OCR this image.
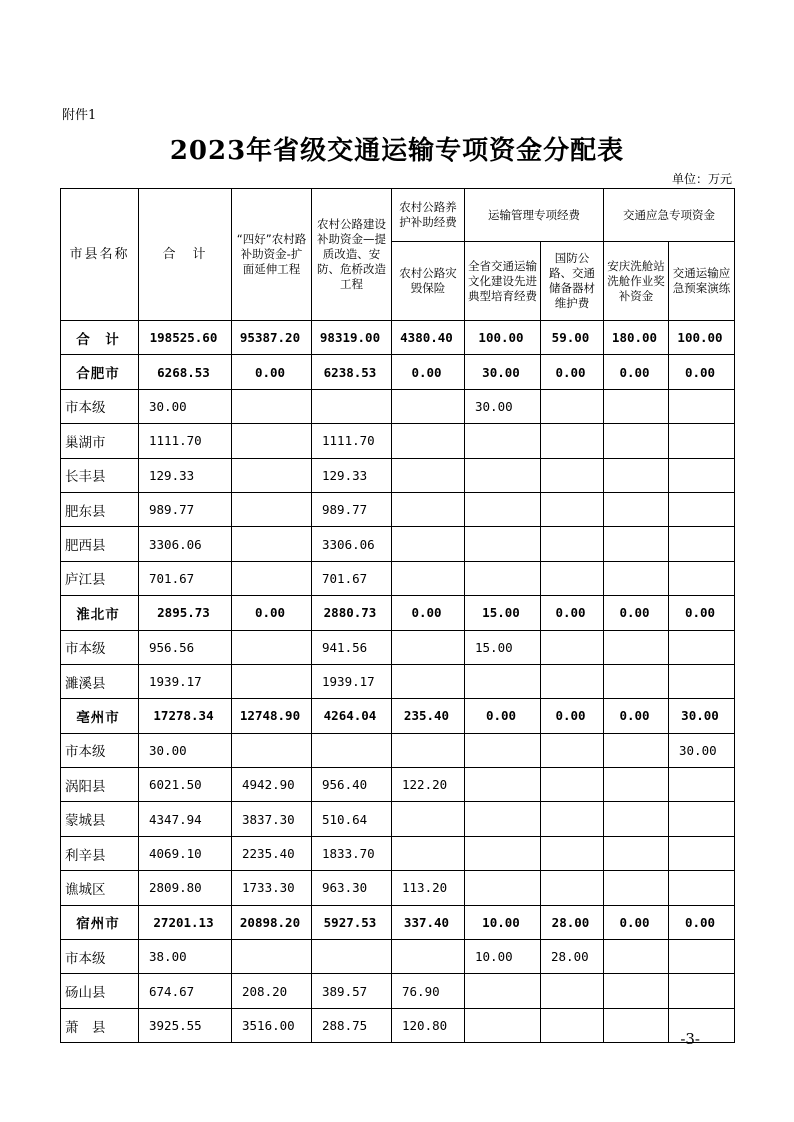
附件1
2023年省级交通运输专项资金分配表
单位：万元
市县名称	合　计	“四好”农村路补助资金-扩面延伸工程	农村公路建设补助资金—提质改造、安防、危桥改造工程	农村公路养护补助经费	运输管理专项经费		交通应急专项资金	
				农村公路灾毁保险	全省交通运输文化建设先进典型培育经费	国防公路、交通储备器材维护费	安庆洗舱站洗舱作业奖补资金	交通运输应急预案演练
合　计	198525.60	95387.20	98319.00	4380.40	100.00	59.00	180.00	100.00
合肥市	6268.53	0.00	6238.53	0.00	30.00	0.00	0.00	0.00
市本级	30.00				30.00			
巢湖市	1111.70		1111.70					
长丰县	129.33		129.33					
肥东县	989.77		989.77					
肥西县	3306.06		3306.06					
庐江县	701.67		701.67					
淮北市	2895.73	0.00	2880.73	0.00	15.00	0.00	0.00	0.00
市本级	956.56		941.56		15.00			
濉溪县	1939.17		1939.17					
亳州市	17278.34	12748.90	4264.04	235.40	0.00	0.00	0.00	30.00
市本级	30.00							30.00
涡阳县	6021.50	4942.90	956.40	122.20				
蒙城县	4347.94	3837.30	510.64					
利辛县	4069.10	2235.40	1833.70					
谯城区	2809.80	1733.30	963.30	113.20				
宿州市	27201.13	20898.20	5927.53	337.40	10.00	28.00	0.00	0.00
市本级	38.00				10.00	28.00		
砀山县	674.67	208.20	389.57	76.90				
萧　县	3925.55	3516.00	288.75	120.80				
-3-
